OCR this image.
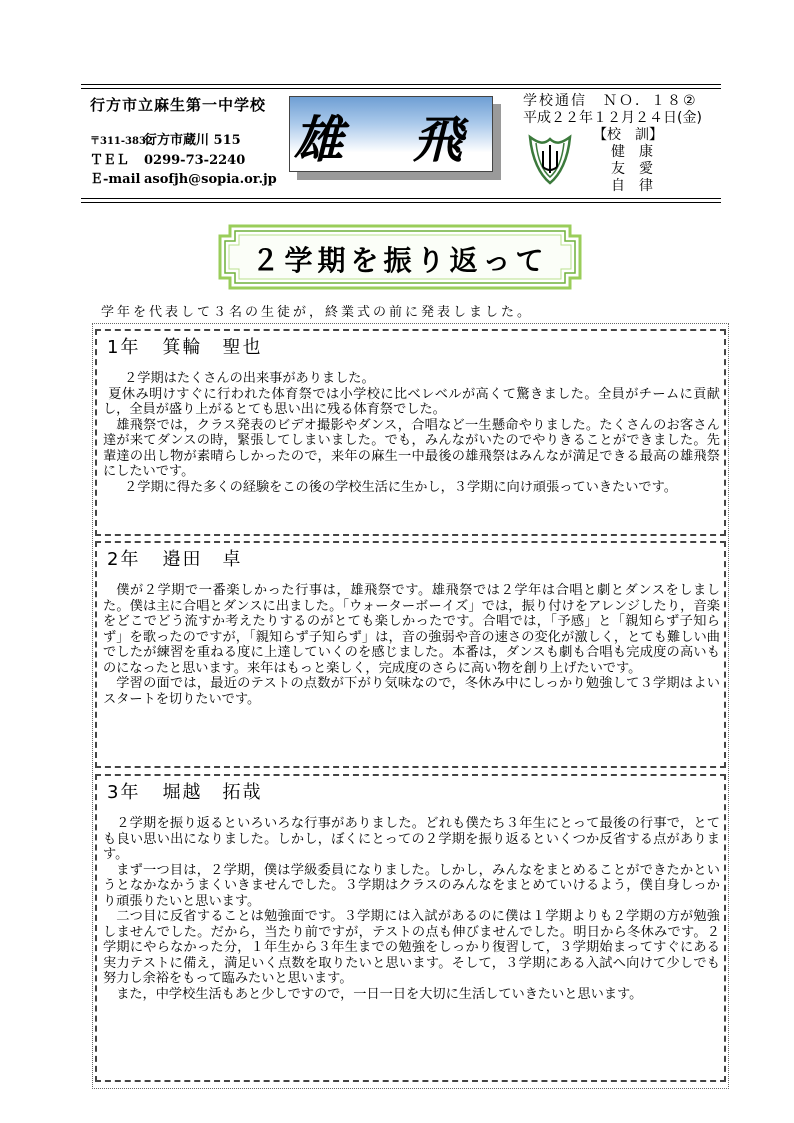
行方市立麻生第一中学校
〒311-3832行方市蔵川 515
ＴＥＬ 0299-73-2240
Ｅ-mail asofjh@sopia.or.jp
雄 飛
学校通信　ＮＯ．１８②
平成２２年１２月２４日(金)
【校　訓】
健　康
友　愛
自　律
２学期を振り返って
学年を代表して３名の生徒が，終業式の前に発表しました。
1年 箕輪　聖也

２学期はたくさんの出来事がありました。

夏休み明けすぐに行われた体育祭では小学校に比べレベルが高くて驚きました。全員がチームに貢献し，全員が盛り上がるとても思い出に残る体育祭でした。

雄飛祭では，クラス発表のビデオ撮影やダンス，合唱など一生懸命やりました。たくさんのお客さん達が来てダンスの時，緊張してしまいました。でも，みんながいたのでやりきることができました。先輩達の出し物が素晴らしかったので，来年の麻生一中最後の雄飛祭はみんなが満足できる最高の雄飛祭にしたいです。

２学期に得た多くの経験をこの後の学校生活に生かし，３学期に向け頑張っていきたいです。

2年 邉田　卓

僕が２学期で一番楽しかった行事は，雄飛祭です。雄飛祭では２学年は合唱と劇とダンスをしました。僕は主に合唱とダンスに出ました。「ウォーターボーイズ」では，振り付けをアレンジしたり，音楽をどこでどう流すか考えたりするのがとても楽しかったです。合唱では，「予感」と「親知らず子知らず」を歌ったのですが，「親知らず子知らず」は，音の強弱や音の速さの変化が激しく，とても難しい曲でしたが練習を重ねる度に上達していくのを感じました。本番は，ダンスも劇も合唱も完成度の高いものになったと思います。来年はもっと楽しく，完成度のさらに高い物を創り上げたいです。

学習の面では，最近のテストの点数が下がり気味なので，冬休み中にしっかり勉強して３学期はよいスタートを切りたいです。

3年 堀越　拓哉

２学期を振り返るといろいろな行事がありました。どれも僕たち３年生にとって最後の行事で，とても良い思い出になりました。しかし，ぼくにとっての２学期を振り返るといくつか反省する点があります。

まず一つ目は，２学期，僕は学級委員になりました。しかし，みんなをまとめることができたかというとなかなかうまくいきませんでした。３学期はクラスのみんなをまとめていけるよう，僕自身しっかり頑張りたいと思います。

二つ目に反省することは勉強面です。３学期には入試があるのに僕は１学期よりも２学期の方が勉強しませんでした。だから，当たり前ですが，テストの点も伸びませんでした。明日から冬休みです。２学期にやらなかった分，１年生から３年生までの勉強をしっかり復習して，３学期始まってすぐにある実力テストに備え，満足いく点数を取りたいと思います。そして，３学期にある入試へ向けて少しでも努力し余裕をもって臨みたいと思います。

また，中学校生活もあと少しですので，一日一日を大切に生活していきたいと思います。
